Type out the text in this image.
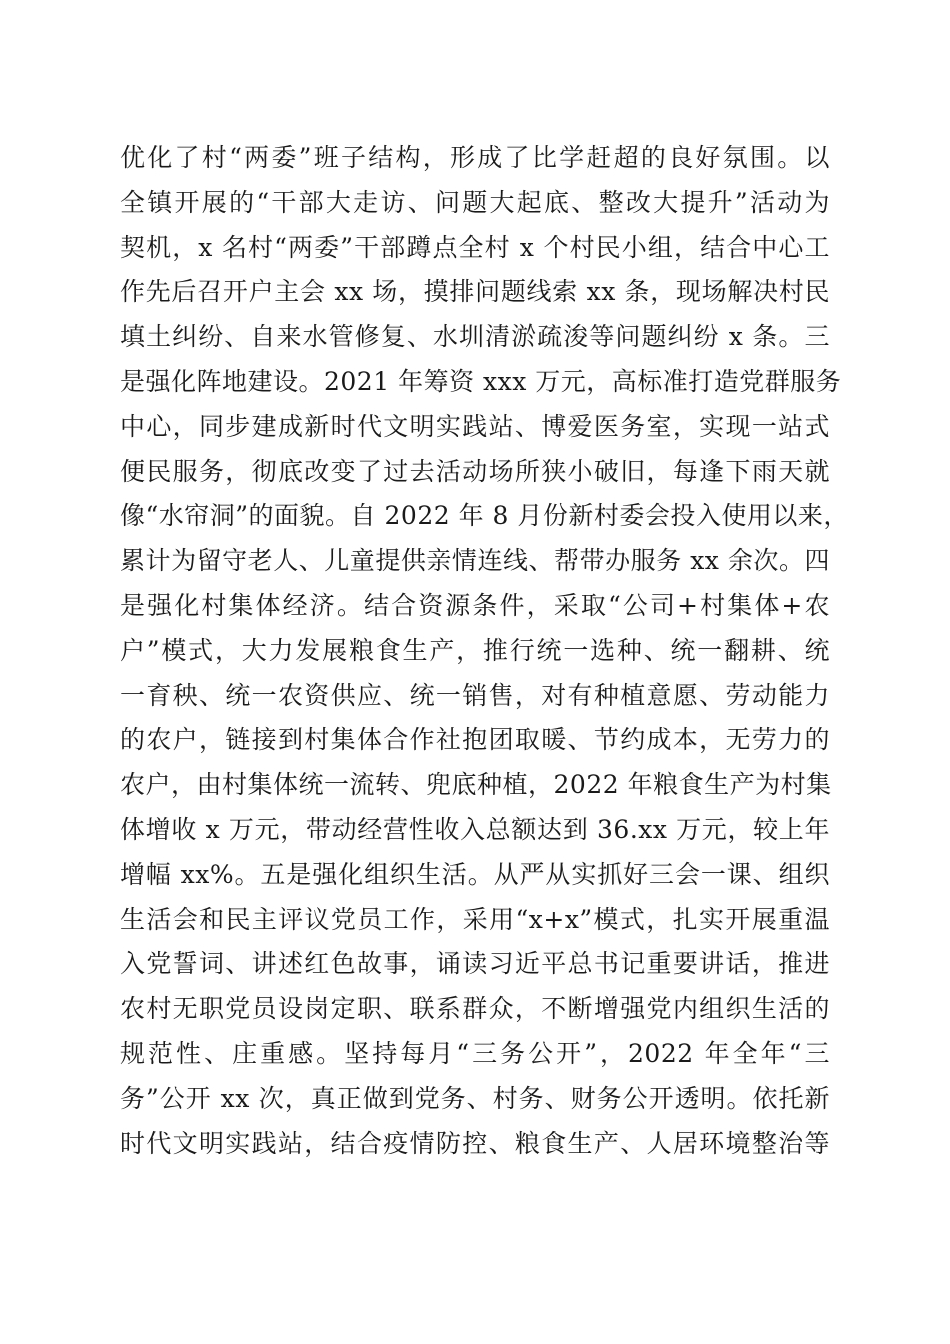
优化了村“两委”班子结构，形成了比学赶超的良好氛围。以
全镇开展的“干部大走访、问题大起底、整改大提升”活动为
契机，x 名村“两委”干部蹲点全村 x 个村民小组，结合中心工
作先后召开户主会 xx 场，摸排问题线索 xx 条，现场解决村民
填土纠纷、自来水管修复、水圳清淤疏浚等问题纠纷 x 条。三
是强化阵地建设。2021 年筹资 xxx 万元，高标准打造党群服务
中心，同步建成新时代文明实践站、博爱医务室，实现一站式
便民服务，彻底改变了过去活动场所狭小破旧，每逢下雨天就
像“水帘洞”的面貌。自 2022 年 8 月份新村委会投入使用以来，
累计为留守老人、儿童提供亲情连线、帮带办服务 xx 余次。四
是强化村集体经济。结合资源条件，采取“公司+村集体+农
户”模式，大力发展粮食生产，推行统一选种、统一翻耕、统
一育秧、统一农资供应、统一销售，对有种植意愿、劳动能力
的农户，链接到村集体合作社抱团取暖、节约成本，无劳力的
农户，由村集体统一流转、兜底种植，2022 年粮食生产为村集
体增收 x 万元，带动经营性收入总额达到 36.xx 万元，较上年
增幅 xx%。五是强化组织生活。从严从实抓好三会一课、组织
生活会和民主评议党员工作，采用“x+x”模式，扎实开展重温
入党誓词、讲述红色故事，诵读习近平总书记重要讲话，推进
农村无职党员设岗定职、联系群众，不断增强党内组织生活的
规范性、庄重感。坚持每月“三务公开”，2022 年全年“三
务”公开 xx 次，真正做到党务、村务、财务公开透明。依托新
时代文明实践站，结合疫情防控、粮食生产、人居环境整治等
